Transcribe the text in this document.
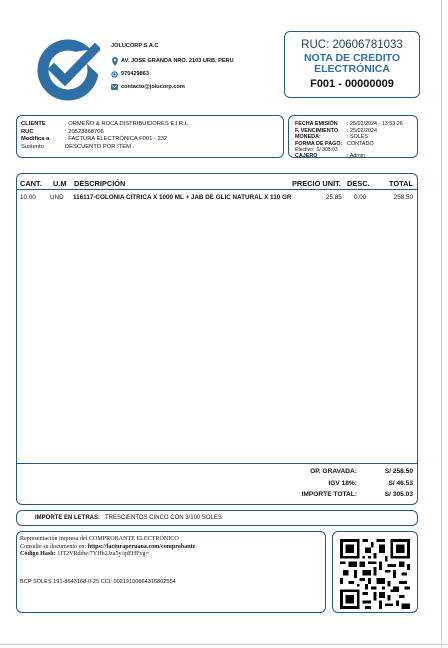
JOLUCORP S.A.C
AV. JOSE GRANDA NRO. 2103 URB. PERU
970429863
contacto@jolucorp.com
RUC: 20606781033
NOTA DE CREDITO ELECTRÓNICA
F001 - 00000009
CLIENTE	: ORMEÑO & ROCA DISTRIBUIDORES E.I.R.L.
RUC	: 20523868706
Modifica a	: FACTURA ELECTRÓNICA F001 - 232
Sustento	DESCUENTO POR ITEM -
FECHA EMISIÓN	: 25/02/2024 - 13:53:26
F. VENCIMIENTO	: 25/02/2024
MONEDA:	: SOLES
FORMA DE PAGO: CONTADO
Efectivo: S/ 305.03
CAJERO	: Admin
CANT. U.M DESCRIPCIÓN	PRECIO UNIT. DESC.	TOTAL
10.00 UND 116117-COLONIA CITRICA X 1000 ML + JAB DE GLIC NATURAL X 110 GR	25.85 0.00	258.50
OP. GRAVADA:	S/ 258.50
IGV 18%:	S/ 46.53
IMPORTE TOTAL:	S/ 305.03
IMPORTE EN LETRAS: TRESCIENTOS CINCO CON 3/100 SOLES
Representación impresa del COMPROBANTE ELECTRÓNICO
Consulte su documento en: https://facturaperuana.com/comprobante
Código Hash: 1IT2VRddw/7YHb2Jza5y/ipEHFyg=
BCP SOLES 191-8643168-0-25 CCI: 00219100864316802554
